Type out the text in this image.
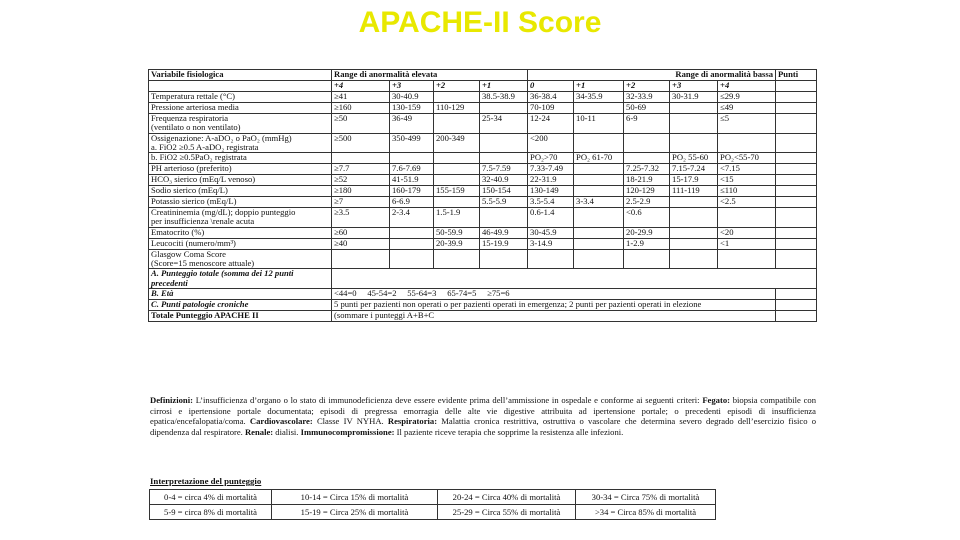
APACHE-II Score
Variabile fisiologica	Range di anormalità elevata				Range di anormalità bassa					Punti
	+4	+3	+2	+1	0	+1	+2	+3	+4	

Temperatura rettale (°C)	≥41	30-40.9		38.5-38.9	36-38.4	34-35.9	32-33.9	30-31.9	≤29.9	

Pressione arteriosa media	≥160	130-159	110-129		70-109		50-69		≤49	

Frequenza respiratoria
(ventilato o non ventilato)	≥50	36-49		25-34	12-24	10-11	6-9		≤5	

Ossigenazione: A-aDO₂ o PaO₂ (mmHg)
a. FiO2 ≥0.5 A-aDO₂ registrata	≥500	350-499	200-349		<200					

b. FiO2 ≥0.5PaO₂ registrata					PO₂>70	PO₂ 61-70		PO₂ 55-60	PO₂<55-70	

PH arterioso (preferito)	≥7.7	7.6-7.69		7.5-7.59	7.33-7.49		7.25-7.32	7.15-7.24	<7.15	

HCO₃ sierico (mEq/L venoso)	≥52	41-51.9		32-40.9	22-31.9		18-21.9	15-17.9	<15	

Sodio sierico (mEq/L)	≥180	160-179	155-159	150-154	130-149		120-129	111-119	≤110	

Potassio sierico (mEq/L)	≥7	6-6.9		5.5-5.9	3.5-5.4	3-3.4	2.5-2.9		<2.5	

Creatininemia (mg/dL); doppio punteggio
per insufficienza \renale acuta	≥3.5	2-3.4	1.5-1.9		0.6-1.4		<0.6			

Ematocrito (%)	≥60		50-59.9	46-49.9	30-45.9		20-29.9		<20	

Leucociti (numero/mm³)	≥40		20-39.9	15-19.9	3-14.9		1-2.9		<1	

Glasgow Coma Score
(Score=15 menoscore attuale)										

A. Punteggio totale (somma dei 12 punti
precedenti										

B. Età	<44=0     45-54=2     55-64=3     65-74=5     ≥75=6									
C. Punti patologie croniche	5 punti per pazienti non operati o per pazienti operati in emergenza; 2 punti per pazienti operati in elezione									
Totale Punteggio APACHE II	(sommare i punteggi A+B+C									
Definizioni: L’insufficienza d’organo o lo stato di immunodeficienza deve essere evidente prima dell’ammissione in ospedale e conforme ai seguenti criteri: Fegato: biopsia compatibile con cirrosi e ipertensione portale documentata; episodi di pregressa emorragia delle alte vie digestive attribuita ad ipertensione portale; o precedenti episodi di insufficienza epatica/encefalopatia/coma. Cardiovascolare: Classe IV NYHA. Respiratoria: Malattia cronica restrittiva, ostruttiva o vascolare che determina severo degrado dell’esercizio fisico o dipendenza dal respiratore. Renale: dialisi. Immunocompromissione: Il paziente riceve terapia che sopprime la resistenza alle infezioni.
Interpretazione del punteggio
0-4 = circa 4% di mortalità	10-14 = Circa 15% di mortalità	20-24 = Circa 40% di mortalità	30-34 = Circa 75% di mortalità
5-9 = circa 8% di mortalità	15-19 = Circa 25% di mortalità	25-29 = Circa 55% di mortalità	>34 = Circa 85% di mortalità
